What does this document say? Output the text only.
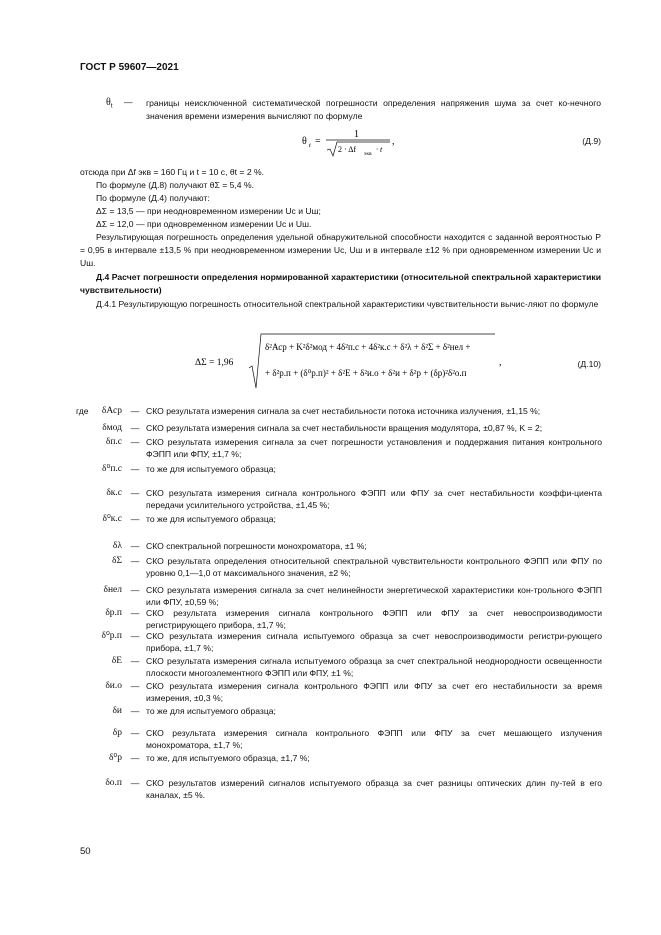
ГОСТ Р 59607—2021
$\theta_t$ — границы неисключенной систематической погрешности определения напряжения шума за счет ко-нечного значения времени измерения вычисляют по формуле
θ t =
1
2 · Δf экв · t
,	(Д.9)
отсюда при Δf экв = 160 Гц и t = 10 с, θt = 2 %.
По формуле (Д.8) получают θΣ = 5,4 %.
По формуле (Д.4) получают:
ΔΣ = 13,5 — при неодновременном измерении Uc и Uш;
ΔΣ = 12,0 — при одновременном измерении Uc и Uш.
Результирующая погрешность определения удельной обнаружительной способности находится с заданной вероятностью P = 0,95 в интервале ±13,5 % при неодновременном измерении Uc, Uш и в интервале ±12 % при одновременном измерении Uc и Uш.
Д.4 Расчет погрешности определения нормированной характеристики (относительной спектральной характеристики чувствительности)
Д.4.1 Результирующую погрешность относительной спектральной характеристики чувствительности вычис-ляют по формуле
ΔΣ = 1,96
δ²Аср + K²δ²мод + 4δ²п.с + 4δ²к.с + δ²λ + δ²Σ + δ²нел +
+ δ²р.п + (δ⁰р.п)² + δ²E + δ²и.о + δ²и + δ²р + (δр)²δ²о.п
,	(Д.10)
где	δАср	— СКО результата измерения сигнала за счет нестабильности потока источника излучения, ±1,15 %;
δмод	— СКО результата измерения сигнала за счет нестабильности вращения модулятора, ±0,87 %, K = 2;
δп.с	— СКО результата измерения сигнала за счет погрешности установления и поддержания питания контрольного ФЭПП или ФПУ, ±1,7 %;
δ⁰п.с	— то же для испытуемого образца;
δк.с	— СКО результата измерения сигнала контрольного ФЭПП или ФПУ за счет нестабильности коэффи-циента передачи усилительного устройства, ±1,45 %;
δ⁰к.с	— то же для испытуемого образца;
δλ	— СКО спектральной погрешности монохроматора, ±1 %;
δΣ	— СКО результата определения относительной спектральной чувствительности контрольного ФЭПП или ФПУ по уровню 0,1—1,0 от максимального значения, ±2 %;
δнел	— СКО результата измерения сигнала за счет нелинейности энергетической характеристики кон-трольного ФЭПП или ФПУ, ±0,59 %;
δр.п	— СКО результата измерения сигнала контрольного ФЭПП или ФПУ за счет невоспроизводимости регистрирующего прибора, ±1,7 %;
δ⁰р.п	— СКО результата измерения сигнала испытуемого образца за счет невоспроизводимости регистри-рующего прибора, ±1,7 %;
δE	— СКО результата измерения сигнала испытуемого образца за счет спектральной неоднородности освещенности плоскости многоэлементного ФЭПП или ФПУ, ±1 %;
δи.о	— СКО результата измерения сигнала контрольного ФЭПП или ФПУ за счет его нестабильности за время измерения, ±0,3 %;
δи	— то же для испытуемого образца;
δр	— СКО результата измерения сигнала контрольного ФЭПП или ФПУ за счет мешающего излучения монохроматора, ±1,7 %;
δ⁰р	— то же, для испытуемого образца, ±1,7 %;
δо.п	— СКО результатов измерений сигналов испытуемого образца за счет разницы оптических длин пу-тей в его каналах, ±5 %.
50
